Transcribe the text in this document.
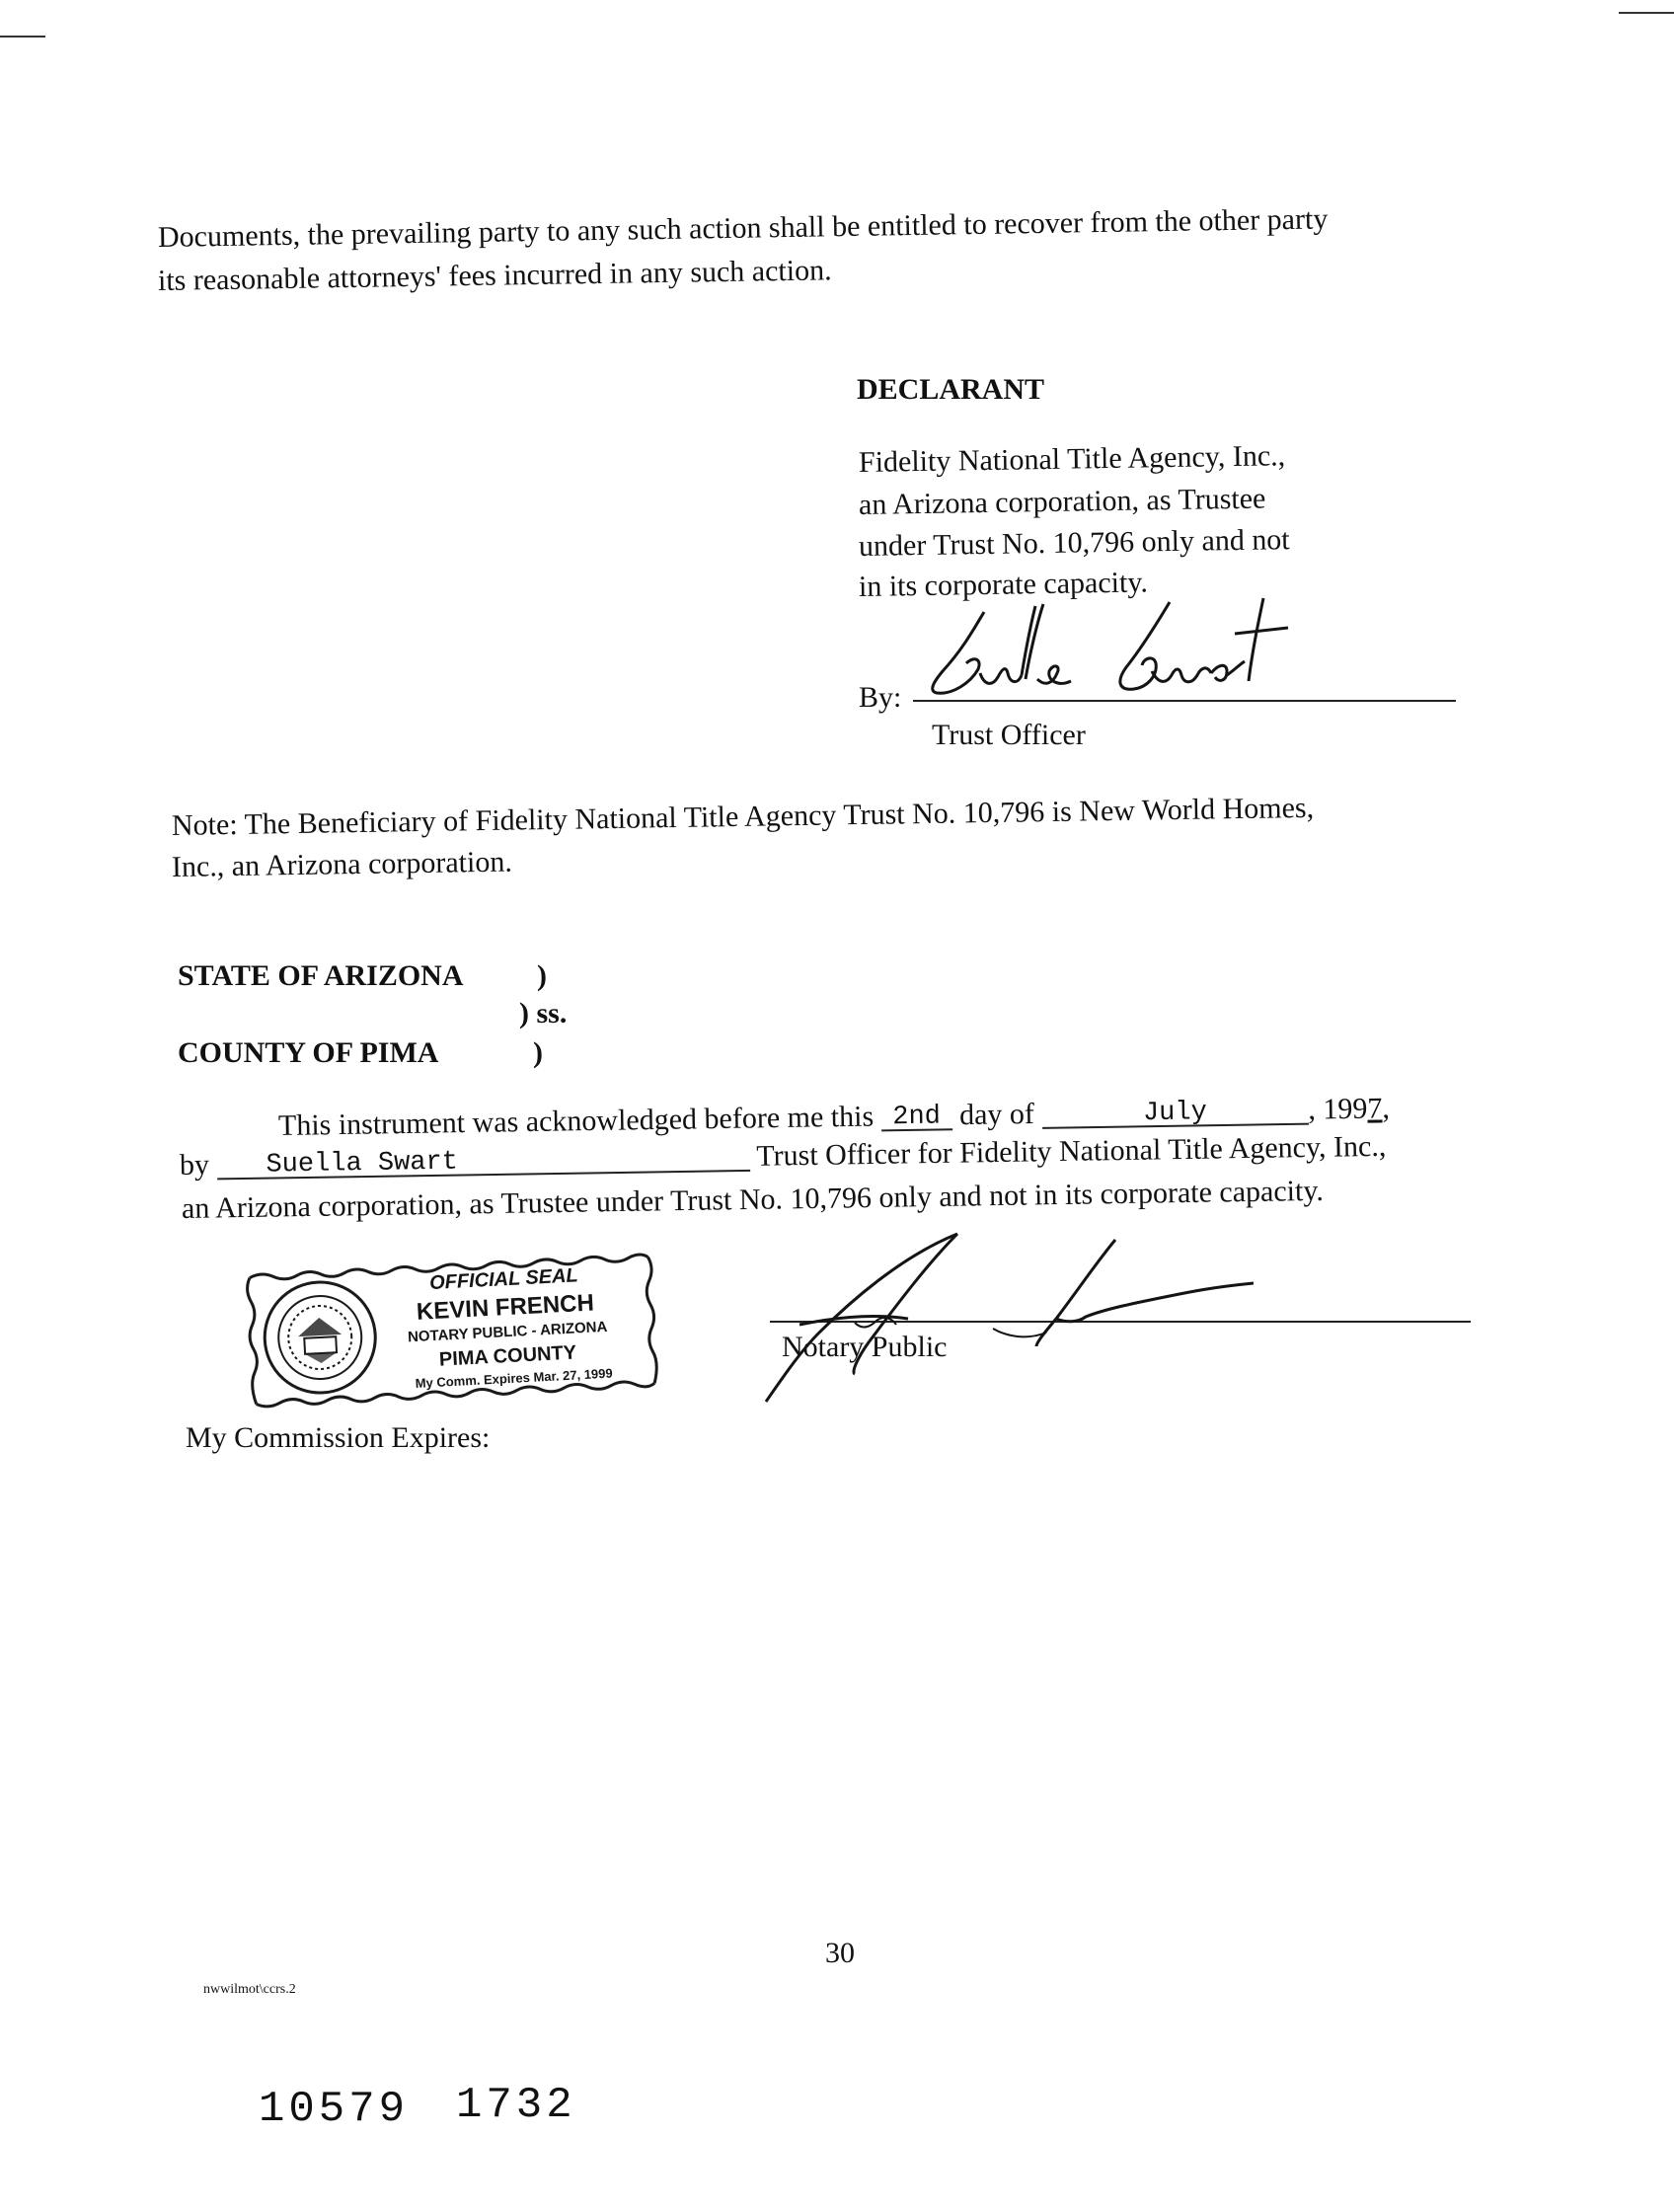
Documents, the prevailing party to any such action shall be entitled to recover from the other party
its reasonable attorneys' fees incurred in any such action.
DECLARANT
Fidelity National Title Agency, Inc.,
an Arizona corporation, as Trustee
under Trust No. 10,796 only and not
in its corporate capacity.
By:
Trust Officer
Note: The Beneficiary of Fidelity National Title Agency Trust No. 10,796 is New World Homes,
Inc., an Arizona corporation.
STATE OF ARIZONA )
) ss.
COUNTY OF PIMA	)
This instrument was acknowledged before me this 2nd day of	July	, 1997,
by Suella Swart	Trust Officer for Fidelity National Title Agency, Inc.,
an Arizona corporation, as Trustee under Trust No. 10,796 only and not in its corporate capacity.
OFFICIAL SEAL
KEVIN FRENCH
NOTARY PUBLIC - ARIZONA
PIMA COUNTY
My Comm. Expires Mar. 27, 1999
Notary Public
My Commission Expires:
30
nwwilmot\ccrs.2
10579 1732
